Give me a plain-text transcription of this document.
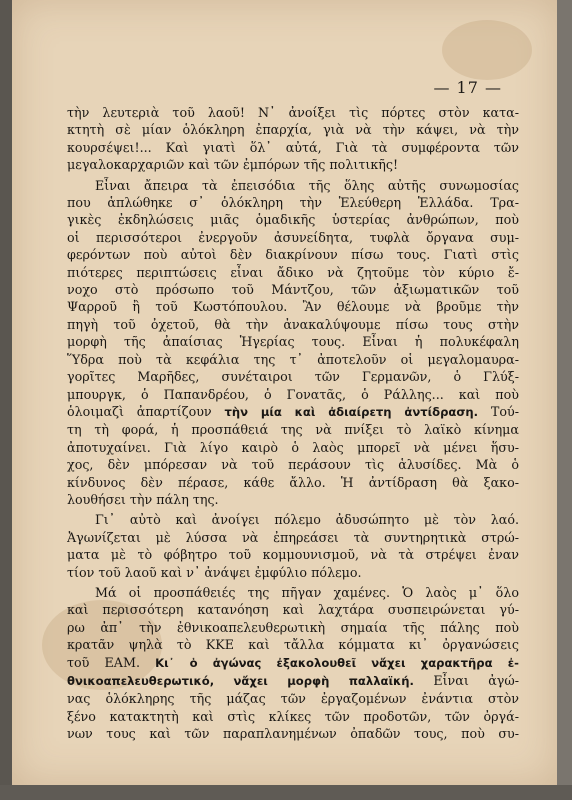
— 17 —
τὴν λευτεριὰ τοῦ λαοῦ! Ν᾽ ἀνοίξει τὶς πόρτες στὸν κατα-
κτητὴ σὲ μίαν ὁλόκληρη ἐπαρχία, γιὰ νὰ τὴν κάψει, νὰ τὴν
κουρσέψει!... Καὶ γιατὶ ὅλ᾽ αὐτά, Γιὰ τὰ συμφέροντα τῶν
μεγαλοκαρχαριῶν καὶ τῶν ἐμπόρων τῆς πολιτικῆς!
Εἶναι ἄπειρα τὰ ἐπεισόδια τῆς ὅλης αὐτῆς συνωμοσίας
που ἁπλώθηκε σ᾽ ὁλόκληρη τὴν Ἐλεύθερη Ἑλλάδα. Τρα-
γικὲς ἐκδηλώσεις μιᾶς ὁμαδικῆς ὑστερίας ἀνθρώπων, ποὺ
οἱ περισσότεροι ἐνεργοῦν ἀσυνείδητα, τυφλὰ ὄργανα συμ-
φερόντων ποὺ αὐτοὶ δὲν διακρίνουν πίσω τους. Γιατὶ στὶς
πιότερες περιπτώσεις εἶναι ἄδικο νὰ ζητοῦμε τὸν κύριο ἔ-
νοχο στὸ πρόσωπο τοῦ Μάντζου, τῶν ἀξιωματικῶν τοῦ
Ψαρροῦ ἢ τοῦ Κωστόπουλου. Ἂν θέλουμε νὰ βροῦμε τὴν
πηγὴ τοῦ ὀχετοῦ, θὰ τὴν ἀνακαλύψουμε πίσω τους στὴν
μορφὴ τῆς ἀπαίσιας Ἡγερίας τους. Εἶναι ἡ πολυκέφαλη
Ὕδρα ποὺ τὰ κεφάλια της τ᾽ ἀποτελοῦν οἱ μεγαλομαυρα-
γορῖτες Μαρῆδες, συνέταιροι τῶν Γερμανῶν, ὁ Γλύξ-
μπουργκ, ὁ Παπανδρέου, ὁ Γονατᾶς, ὁ Ράλλης... καὶ ποὺ
ὁλοιμαζὶ ἀπαρτίζουν τὴν μία καὶ ἀδιαίρετη ἀντίδραση. Τού-
τη τὴ φορά, ἡ προσπάθειά της νὰ πνίξει τὸ λαϊκὸ κίνημα
ἀποτυχαίνει. Γιὰ λίγο καιρὸ ὁ λαὸς μπορεῖ νὰ μένει ἥσυ-
χος, δὲν μπόρεσαν νὰ τοῦ περάσουν τὶς ἁλυσίδες. Μὰ ὁ
κίνδυνος δὲν πέρασε, κάθε ἄλλο. Ἡ ἀντίδραση θὰ ξακο-
λουθήσει τὴν πάλη της.
Γι᾽ αὐτὸ καὶ ἀνοίγει πόλεμο ἀδυσώπητο μὲ τὸν λαό.
Ἀγωνίζεται μὲ λύσσα νὰ ἐπηρεάσει τὰ συντηρητικὰ στρώ-
ματα μὲ τὸ φόβητρο τοῦ κομμουνισμοῦ, νὰ τὰ στρέψει ἐναν
τίον τοῦ λαοῦ καὶ ν᾽ ἀνάψει ἐμφύλιο πόλεμο.
Μά οἱ προσπάθειές της πῆγαν χαμένες. Ὁ λαὸς μ᾽ ὅλο
καὶ περισσότερη κατανόηση καὶ λαχτάρα συσπειρώνεται γύ-
ρω ἀπ᾽ τὴν ἐθνικοαπελευθερωτικὴ σημαία τῆς πάλης ποὺ
κρατᾶν ψηλὰ τὸ ΚΚΕ καὶ τἄλλα κόμματα κι᾽ ὀργανώσεις
τοῦ ΕΑΜ. Κι᾽ ὁ ἀγώνας ἐξακολουθεῖ νἄχει χαρακτῆρα ἐ-
θνικοαπελευθερωτικό, νἄχει μορφὴ παλλαϊκή. Εἶναι ἀγώ-
νας ὁλόκληρης τῆς μάζας τῶν ἐργαζομένων ἐνάντια στὸν
ξένο κατακτητὴ καὶ στὶς κλίκες τῶν προδοτῶν, τῶν ὀργά-
νων τους καὶ τῶν παραπλανημένων ὀπαδῶν τους, ποὺ συ-
